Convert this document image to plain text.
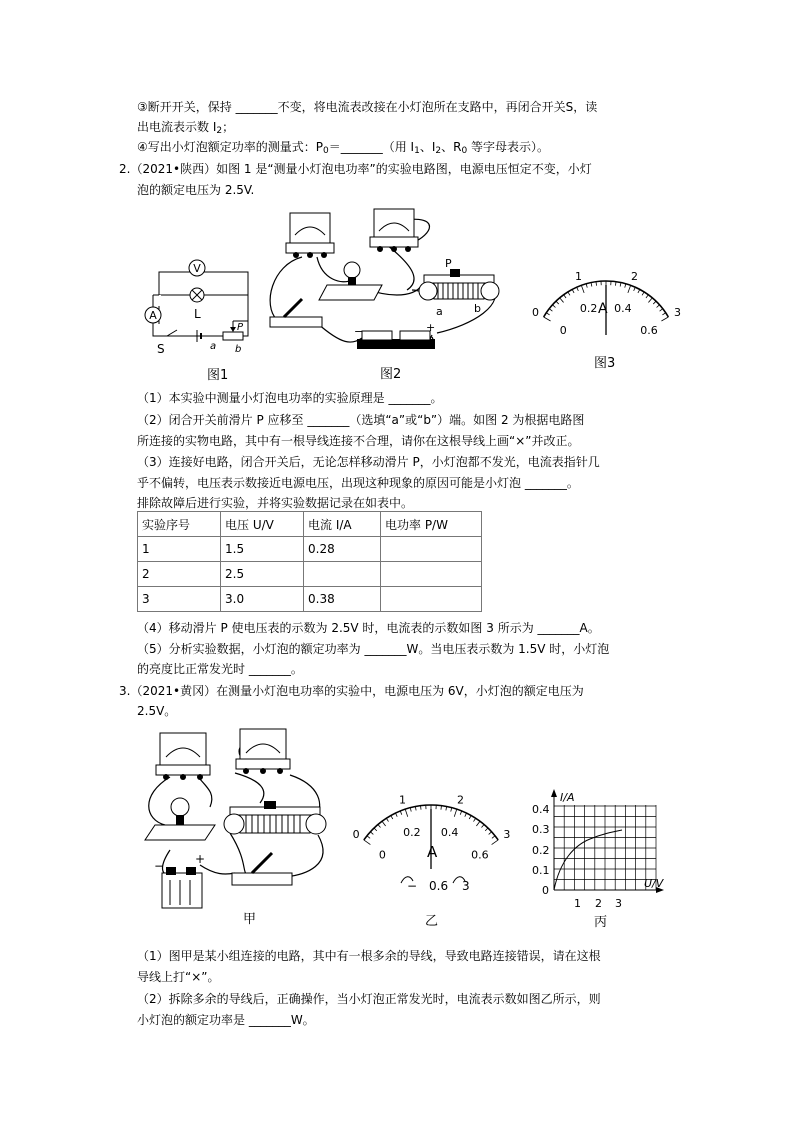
③断开开关，保持 _______不变，将电流表改接在小灯泡所在支路中，再闭合开关S，读
出电流表示数 $I_2$；
④写出小灯泡额定功率的测量式：$P_0=\_\_\_\_\_\_\_$（用 $I_1$、$I_2$、$R_0$ 等字母表示）。
2.（2021•陕西）如图 1 是“测量小灯泡电功率”的实验电路图，电源电压恒定不变，小灯
泡的额定电压为 2.5V.
V
L
A
P
S	a b
图1
P
a	b
−	+
图2
0
1	2
3
0
0.2 0.4
0.6
A
图3
（1）本实验中测量小灯泡电功率的实验原理是 _______。
（2）闭合开关前滑片 P 应移至 _______（选填“a”或“b”）端。如图 2 为根据电路图
所连接的实物电路，其中有一根导线连接不合理，请你在这根导线上画“×”并改正。
（3）连接好电路，闭合开关后，无论怎样移动滑片 P，小灯泡都不发光，电流表指针几
乎不偏转，电压表示数接近电源电压，出现这种现象的原因可能是小灯泡 _______。
排除故障后进行实验，并将实验数据记录在如表中。
实验序号	电压 U/V	电流 I/A	电功率 P/W
1	1.5	0.28	
2	2.5		
3	3.0	0.38	
（4）移动滑片 P 使电压表的示数为 2.5V 时，电流表的示数如图 3 所示为 _______A。
（5）分析实验数据，小灯泡的额定功率为 _______W。当电压表示数为 1.5V 时，小灯泡
的亮度比正常发光时 _______。
3.（2021•黄冈）在测量小灯泡电功率的实验中，电源电压为 6V，小灯泡的额定电压为
2.5V。
−	+
甲
0
1	2
3
0
0.2 0.4
0.6
A
− 0.6 3
乙
I/A
U/V
0.4
0.3
0.2
0.1
0
1 2 3
丙
（1）图甲是某小组连接的电路，其中有一根多余的导线，导致电路连接错误，请在这根
导线上打“×”。
（2）拆除多余的导线后，正确操作，当小灯泡正常发光时，电流表示数如图乙所示，则
小灯泡的额定功率是 _______W。
